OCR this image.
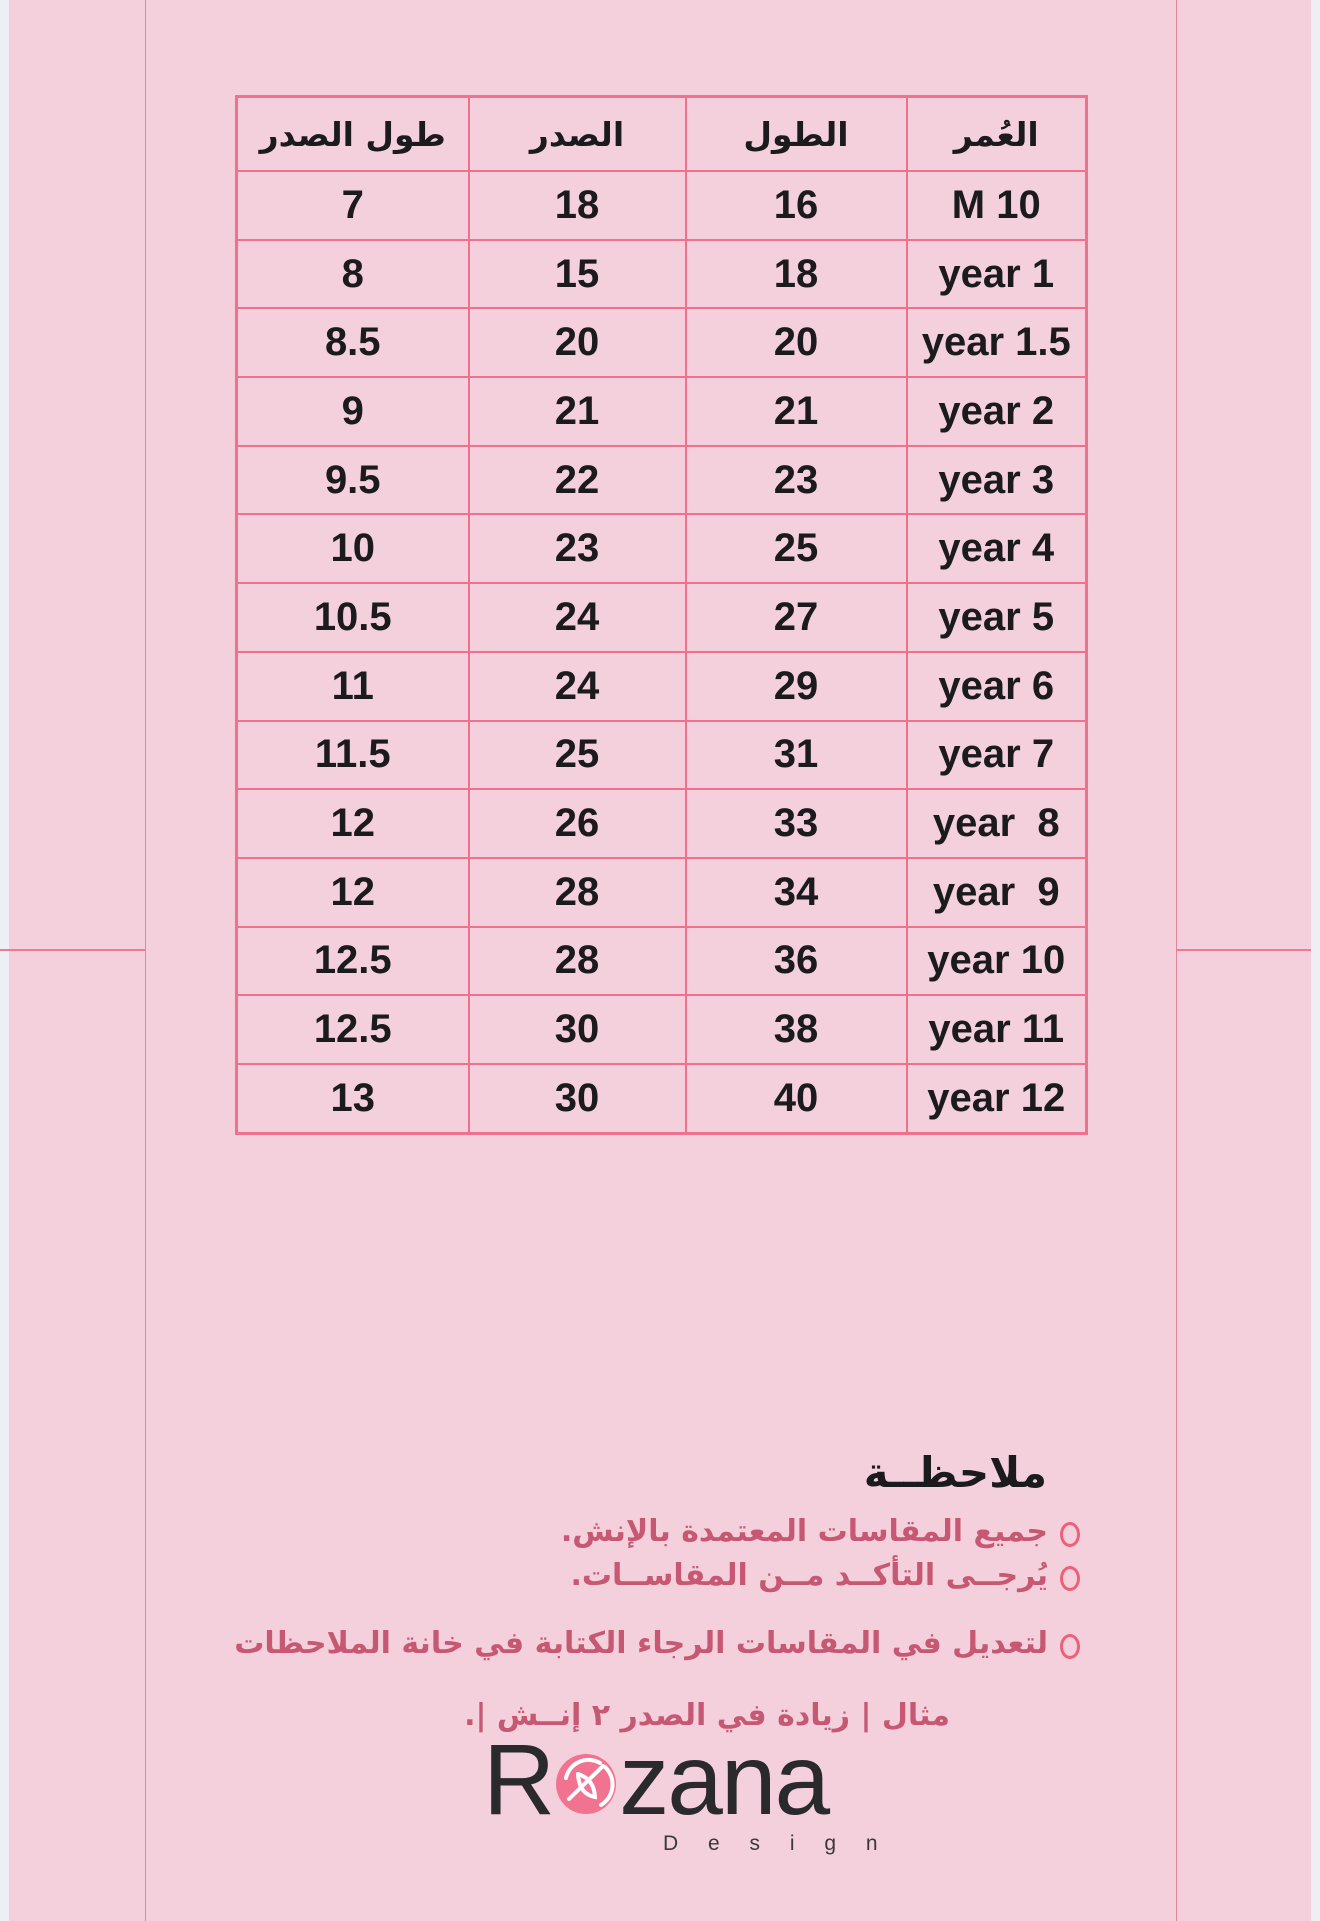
العُمر	الطول	الصدر	طول الصدر
10 M	16	18	7
1 year	18	15	8
1.5 year	20	20	8.5
2 year	21	21	9
3 year	23	22	9.5
4 year	25	23	10
5 year	27	24	10.5
6 year	29	24	11
7 year	31	25	11.5
8  year	33	26	12
9  year	34	28	12
10 year	36	28	12.5
11 year	38	30	12.5
12 year	40	30	13
ملاحظــة
جميع المقاسات المعتمدة بالإنش.
يُرجــى التأكــد مــن المقاســات.
لتعديل في المقاسات الرجاء الكتابة في خانة الملاحظات
مثال | زيادة في الصدر ٢ إنــش |.
R zana
D e s i g n
